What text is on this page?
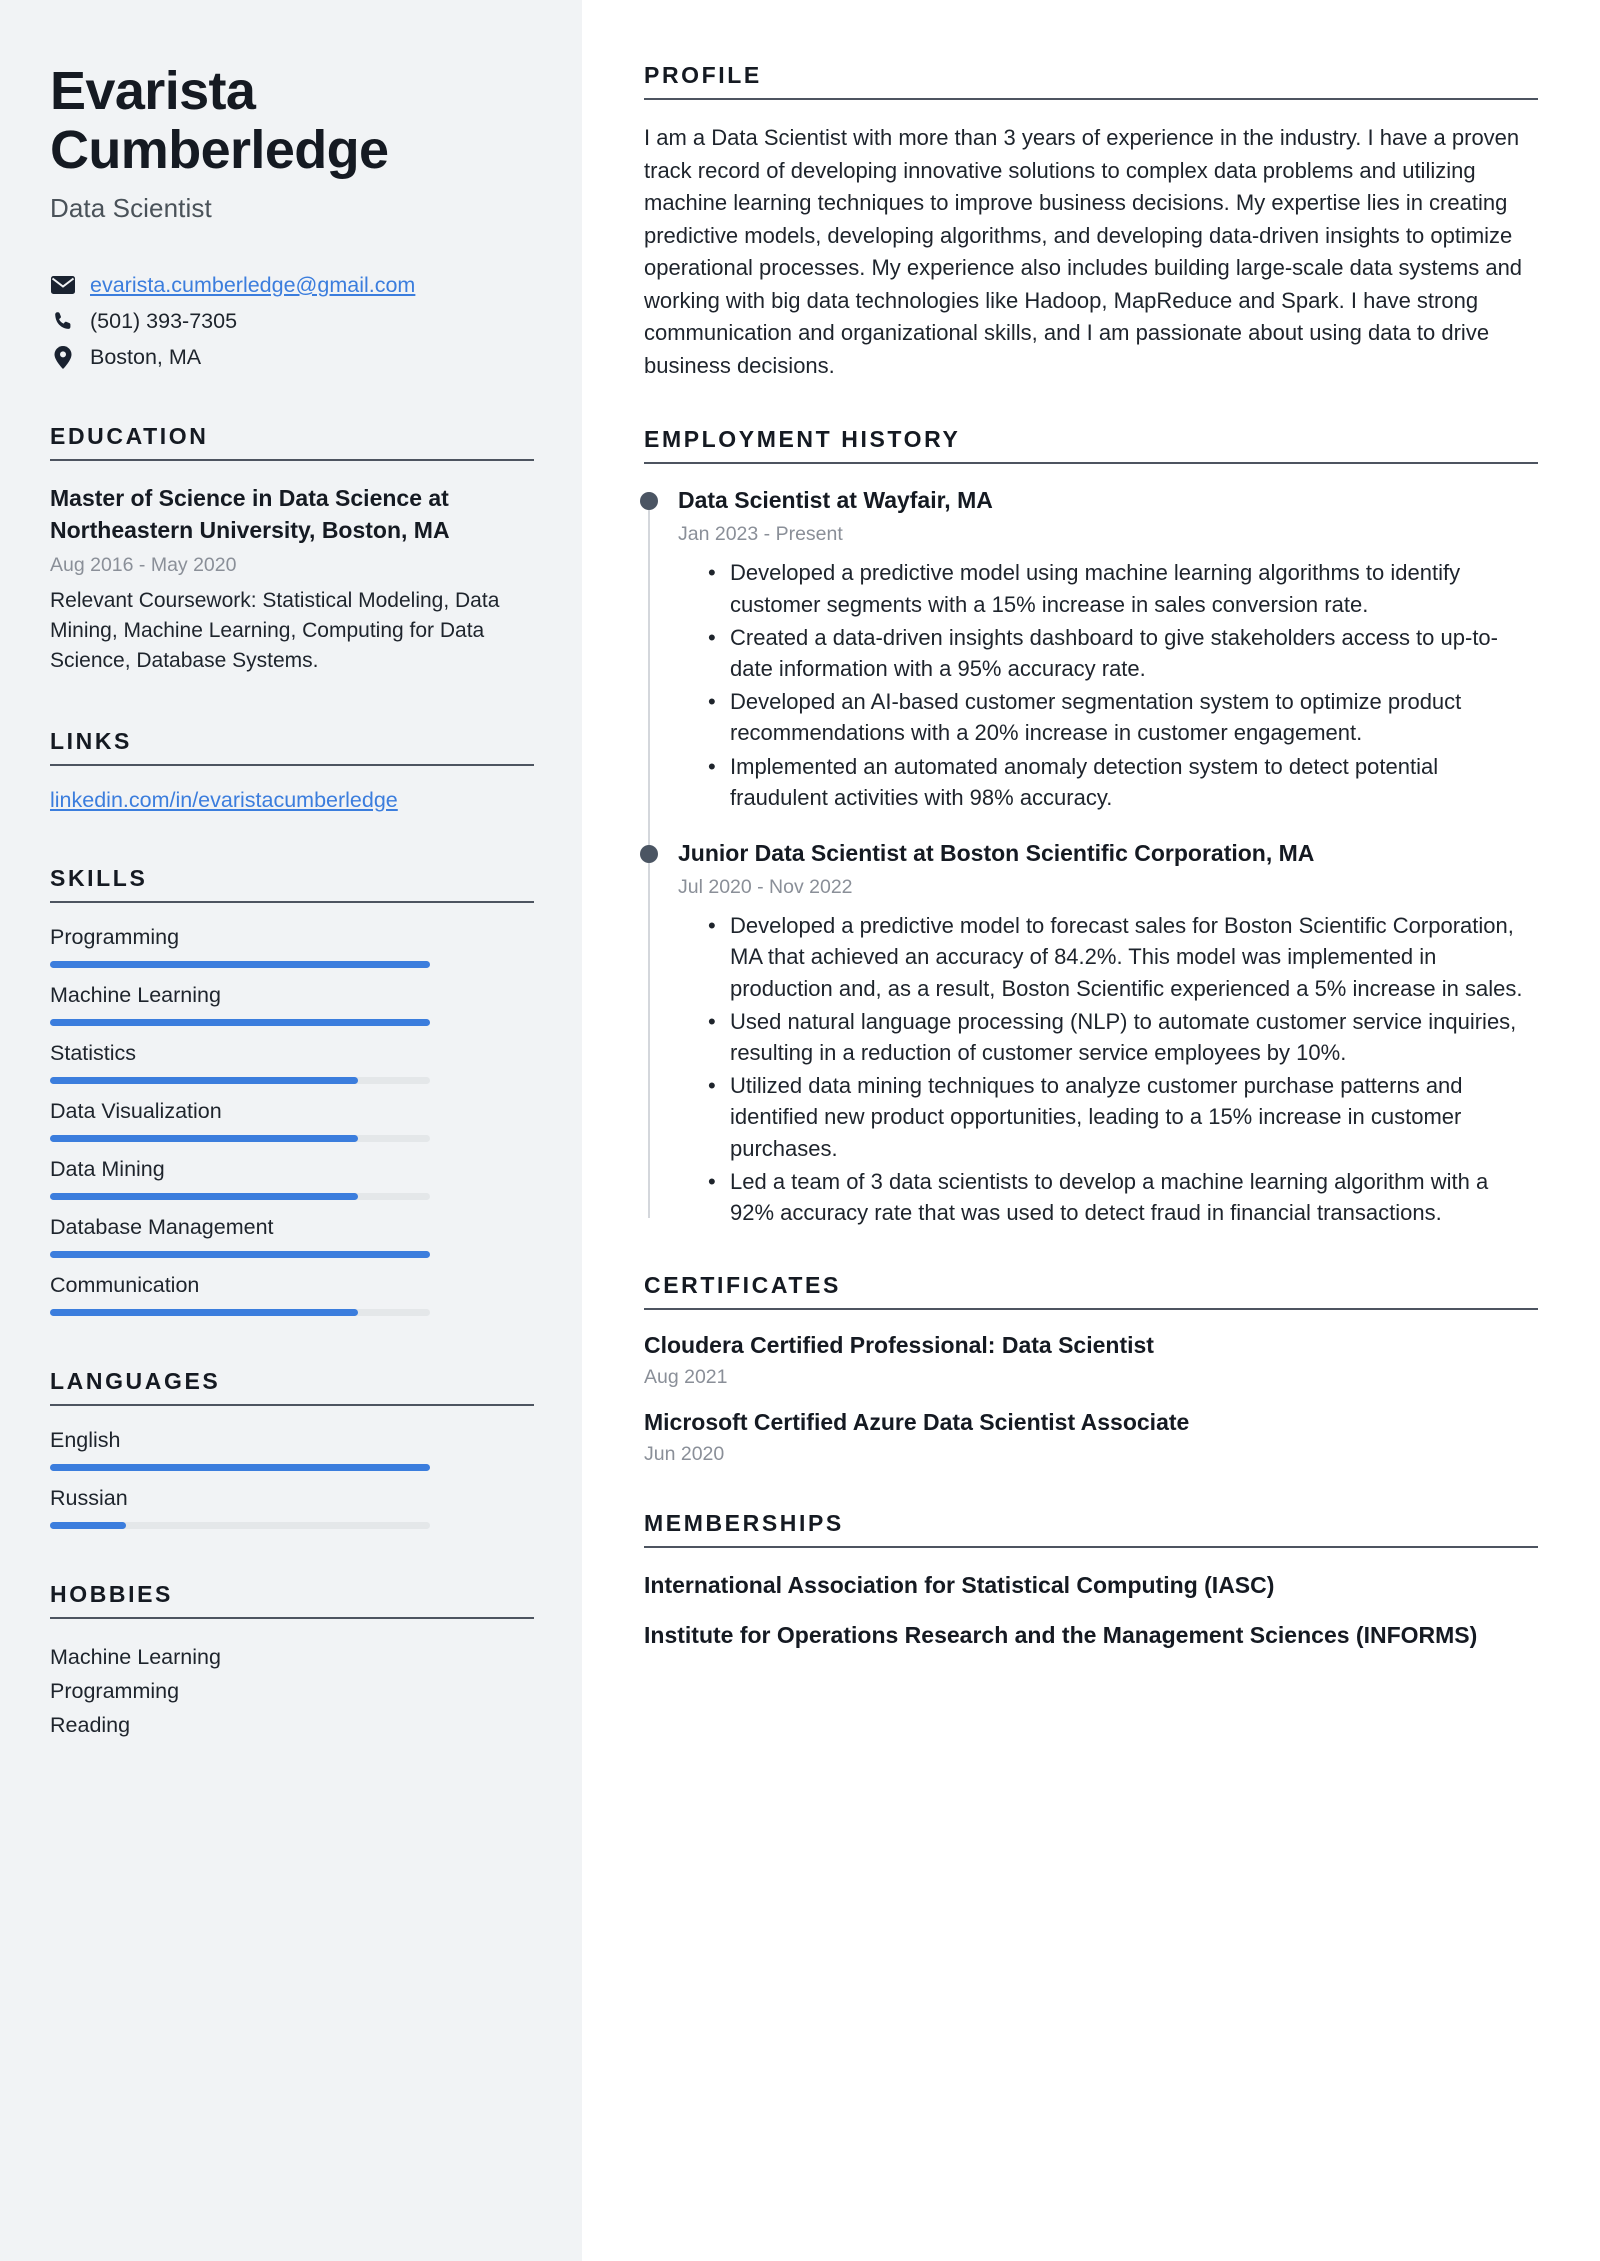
Evarista Cumberledge
Data Scientist
evarista.cumberledge@gmail.com
(501) 393-7305
Boston, MA
EDUCATION
Master of Science in Data Science at Northeastern University, Boston, MA
Aug 2016 - May 2020
Relevant Coursework: Statistical Modeling, Data Mining, Machine Learning, Computing for Data Science, Database Systems.
LINKS
linkedin.com/in/evaristacumberledge
SKILLS
Programming
Machine Learning
Statistics
Data Visualization
Data Mining
Database Management
Communication
LANGUAGES
English
Russian
HOBBIES
Machine Learning
Programming
Reading
PROFILE

I am a Data Scientist with more than 3 years of experience in the industry. I have a proven track record of developing innovative solutions to complex data problems and utilizing machine learning techniques to improve business decisions. My expertise lies in creating predictive models, developing algorithms, and developing data-driven insights to optimize operational processes. My experience also includes building large-scale data systems and working with big data technologies like Hadoop, MapReduce and Spark. I have strong communication and organizational skills, and I am passionate about using data to drive business decisions.

EMPLOYMENT HISTORY
Data Scientist at Wayfair, MA
Jan 2023 - Present
• Developed a predictive model using machine learning algorithms to identify customer segments with a 15% increase in sales conversion rate.
• Created a data-driven insights dashboard to give stakeholders access to up-to-date information with a 95% accuracy rate.
• Developed an AI-based customer segmentation system to optimize product recommendations with a 20% increase in customer engagement.
• Implemented an automated anomaly detection system to detect potential fraudulent activities with 98% accuracy.
Junior Data Scientist at Boston Scientific Corporation, MA
Jul 2020 - Nov 2022
• Developed a predictive model to forecast sales for Boston Scientific Corporation, MA that achieved an accuracy of 84.2%. This model was implemented in production and, as a result, Boston Scientific experienced a 5% increase in sales.
• Used natural language processing (NLP) to automate customer service inquiries, resulting in a reduction of customer service employees by 10%.
• Utilized data mining techniques to analyze customer purchase patterns and identified new product opportunities, leading to a 15% increase in customer purchases.
• Led a team of 3 data scientists to develop a machine learning algorithm with a 92% accuracy rate that was used to detect fraud in financial transactions.
CERTIFICATES
Cloudera Certified Professional: Data Scientist
Aug 2021
Microsoft Certified Azure Data Scientist Associate
Jun 2020
MEMBERSHIPS
International Association for Statistical Computing (IASC)
Institute for Operations Research and the Management Sciences (INFORMS)
